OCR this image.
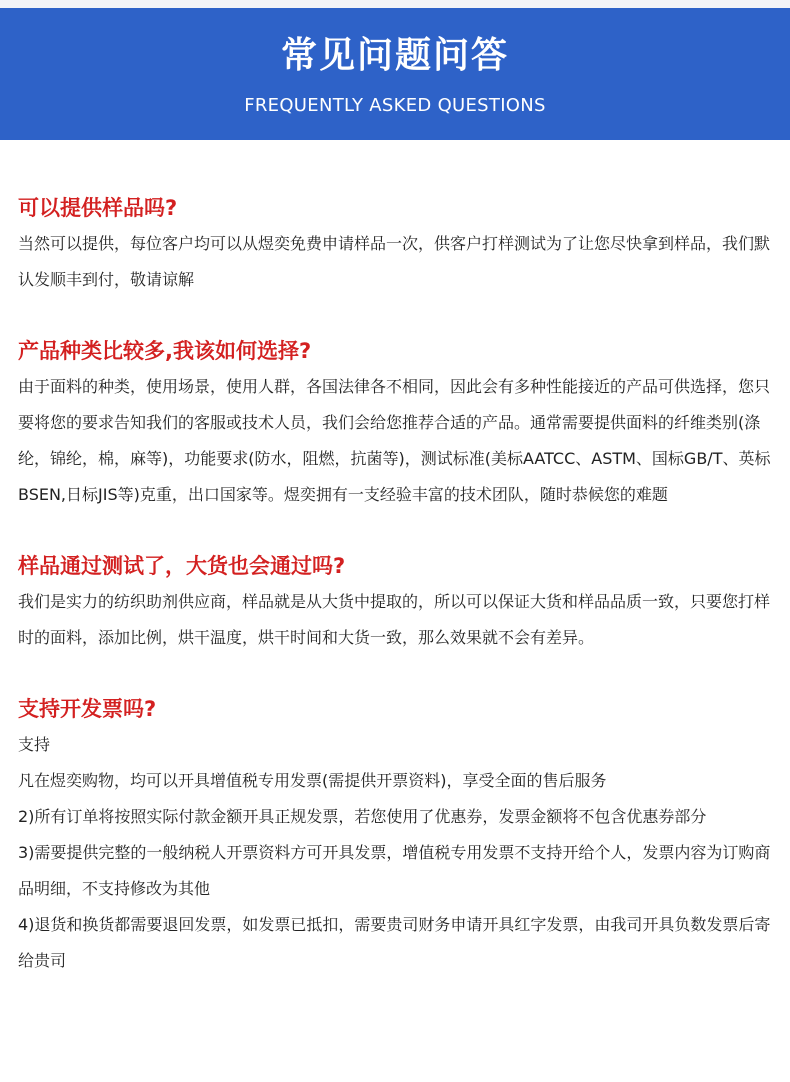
常见问题问答
FREQUENTLY ASKED QUESTIONS

可以提供样品吗?

当然可以提供，每位客户均可以从煜奕免费申请样品一次，供客户打样测试为了让您尽快拿到样品，我们默认发顺丰到付，敬请谅解

产品种类比较多,我该如何选择?

由于面料的种类，使用场景，使用人群，各国法律各不相同，因此会有多种性能接近的产品可供选择，您只要将您的要求告知我们的客服或技术人员，我们会给您推荐合适的产品。通常需要提供面料的纤维类别(涤纶，锦纶，棉，麻等)，功能要求(防水，阻燃，抗菌等)，测试标准(美标AATCC、ASTM、国标GB/T、英标BSEN,日标JIS等)克重，出口国家等。煜奕拥有一支经验丰富的技术团队，随时恭候您的难题

样品通过测试了，大货也会通过吗?

我们是实力的纺织助剂供应商，样品就是从大货中提取的，所以可以保证大货和样品品质一致，只要您打样时的面料，添加比例，烘干温度，烘干时间和大货一致，那么效果就不会有差异。

支持开发票吗?

支持

凡在煜奕购物，均可以开具增值税专用发票(需提供开票资料)，享受全面的售后服务

2)所有订单将按照实际付款金额开具正规发票，若您使用了优惠券，发票金额将不包含优惠券部分

3)需要提供完整的一般纳税人开票资料方可开具发票，增值税专用发票不支持开给个人，发票内容为订购商品明细，不支持修改为其他

4)退货和换货都需要退回发票，如发票已抵扣，需要贵司财务申请开具红字发票，由我司开具负数发票后寄给贵司
